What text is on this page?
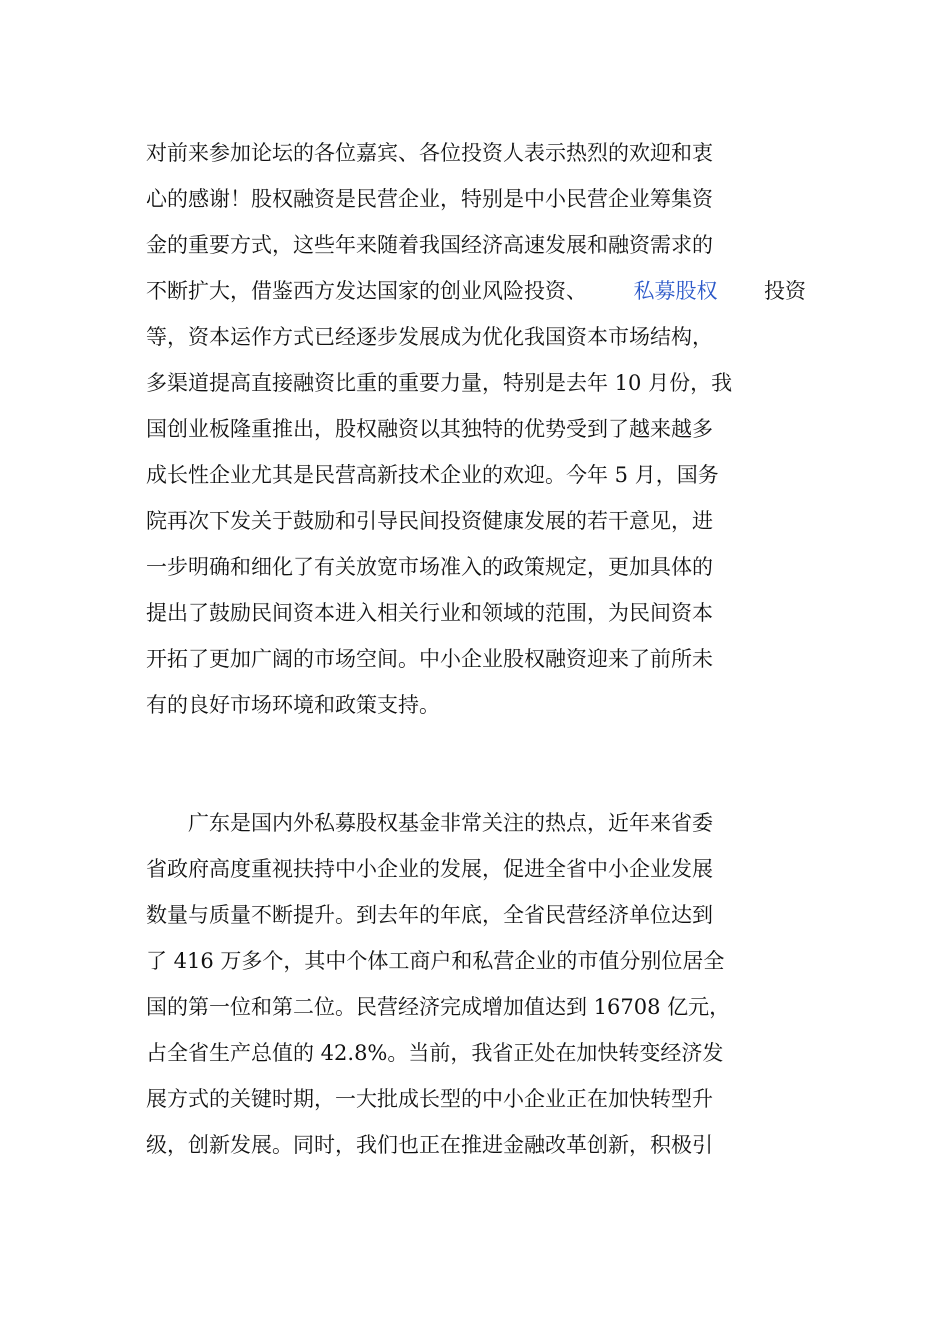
对前来参加论坛的各位嘉宾、各位投资人表示热烈的欢迎和衷
心的感谢！股权融资是民营企业，特别是中小民营企业筹集资
金的重要方式，这些年来随着我国经济高速发展和融资需求的
不断扩大，借鉴西方发达国家的创业风险投资、 私募股权 投资
等，资本运作方式已经逐步发展成为优化我国资本市场结构，
多渠道提高直接融资比重的重要力量，特别是去年 10 月份，我
国创业板隆重推出，股权融资以其独特的优势受到了越来越多
成长性企业尤其是民营高新技术企业的欢迎。今年 5 月，国务
院再次下发关于鼓励和引导民间投资健康发展的若干意见，进
一步明确和细化了有关放宽市场准入的政策规定，更加具体的
提出了鼓励民间资本进入相关行业和领域的范围，为民间资本
开拓了更加广阔的市场空间。中小企业股权融资迎来了前所未
有的良好市场环境和政策支持。
广东是国内外私募股权基金非常关注的热点，近年来省委
省政府高度重视扶持中小企业的发展，促进全省中小企业发展
数量与质量不断提升。到去年的年底，全省民营经济单位达到
了 416 万多个，其中个体工商户和私营企业的市值分别位居全
国的第一位和第二位。民营经济完成增加值达到 16708 亿元，
占全省生产总值的 42.8%。当前，我省正处在加快转变经济发
展方式的关键时期，一大批成长型的中小企业正在加快转型升
级，创新发展。同时，我们也正在推进金融改革创新，积极引
